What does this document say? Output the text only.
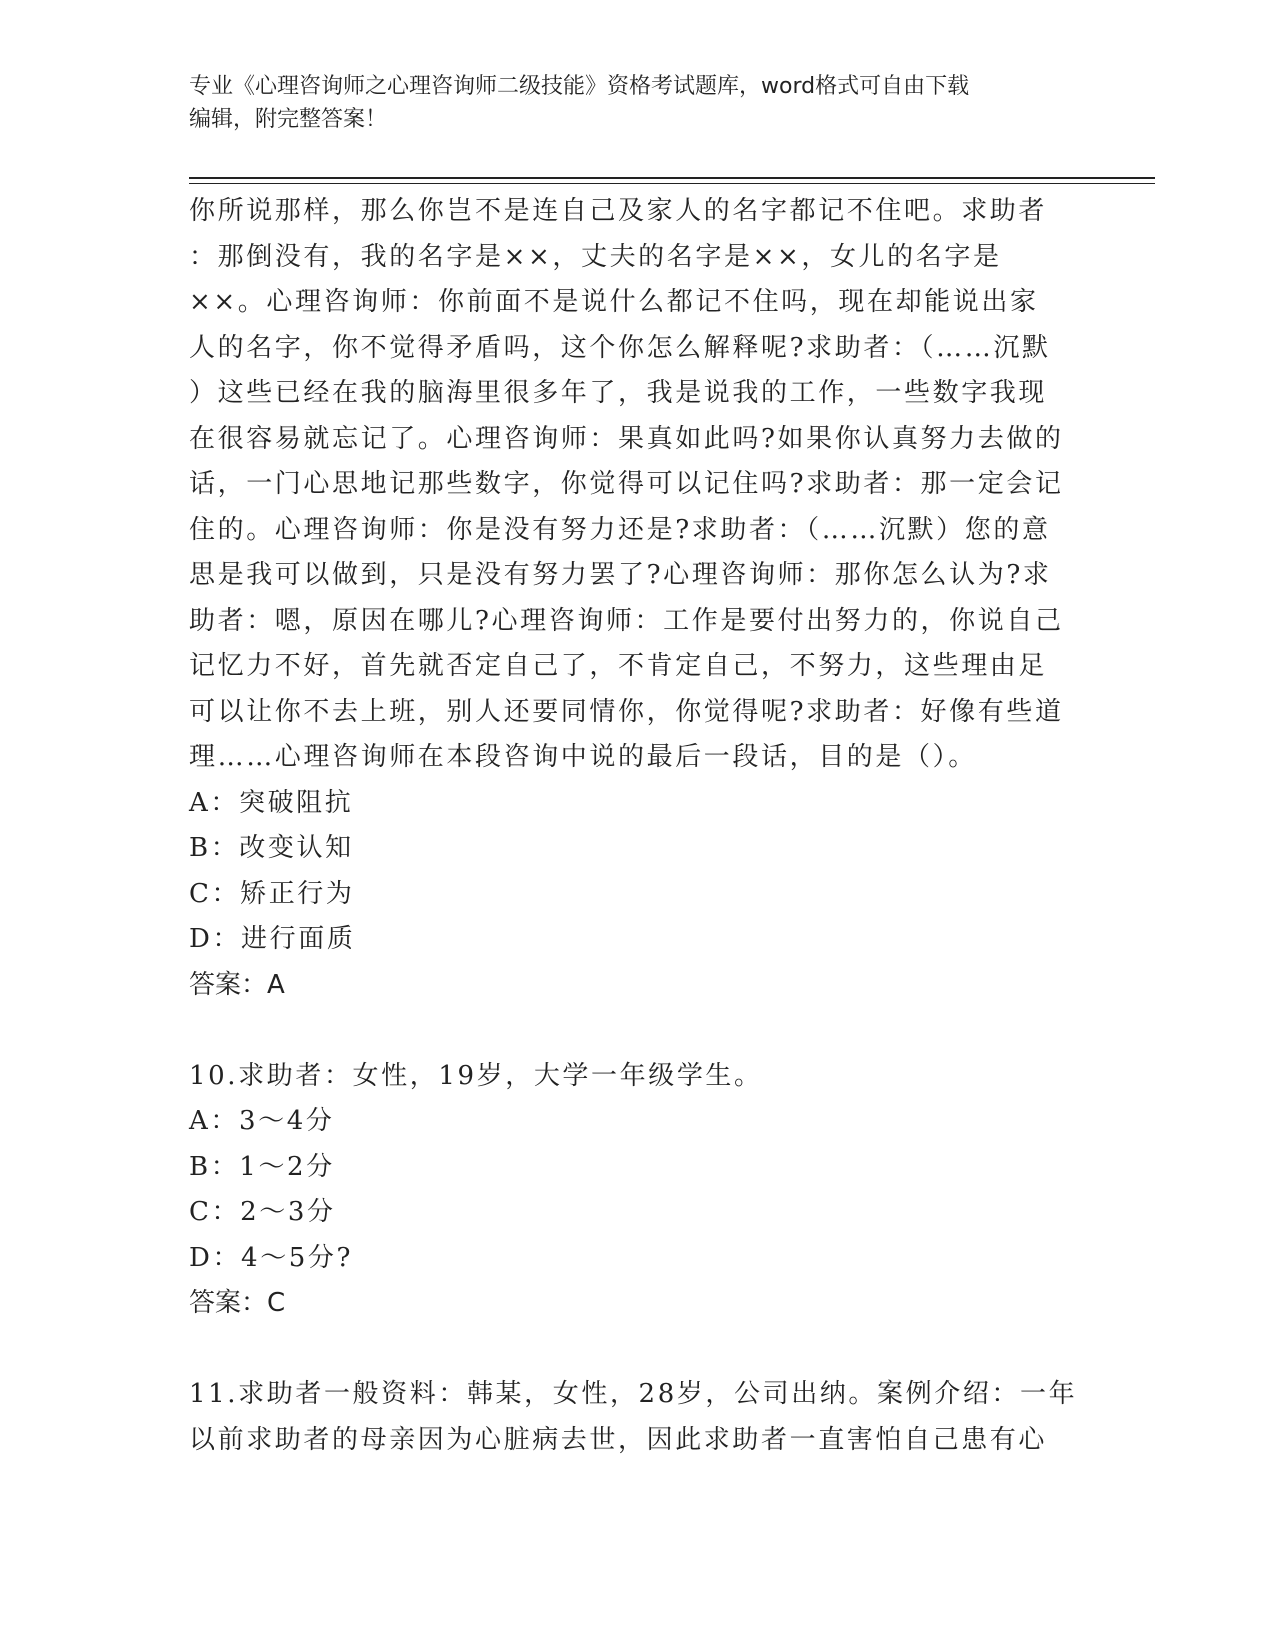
专业《心理咨询师之心理咨询师二级技能》资格考试题库，word格式可自由下载
编辑，附完整答案！
你所说那样，那么你岂不是连自己及家人的名字都记不住吧。求助者
：那倒没有，我的名字是××，丈夫的名字是××，女儿的名字是
××。心理咨询师：你前面不是说什么都记不住吗，现在却能说出家
人的名字，你不觉得矛盾吗，这个你怎么解释呢?求助者：（……沉默
）这些已经在我的脑海里很多年了，我是说我的工作，一些数字我现
在很容易就忘记了。心理咨询师：果真如此吗?如果你认真努力去做的
话，一门心思地记那些数字，你觉得可以记住吗?求助者：那一定会记
住的。心理咨询师：你是没有努力还是?求助者：（……沉默）您的意
思是我可以做到，只是没有努力罢了?心理咨询师：那你怎么认为?求
助者：嗯，原因在哪儿?心理咨询师：工作是要付出努力的，你说自己
记忆力不好，首先就否定自己了，不肯定自己，不努力，这些理由足
可以让你不去上班，别人还要同情你，你觉得呢?求助者：好像有些道
理……心理咨询师在本段咨询中说的最后一段话，目的是（）。
A：突破阻抗
B：改变认知
C：矫正行为
D：进行面质
答案：A
10.求助者：女性，19岁，大学一年级学生。
A：3～4分
B：1～2分
C：2～3分
D：4～5分?
答案：C
11.求助者一般资料：韩某，女性，28岁，公司出纳。案例介绍：一年
以前求助者的母亲因为心脏病去世，因此求助者一直害怕自己患有心
